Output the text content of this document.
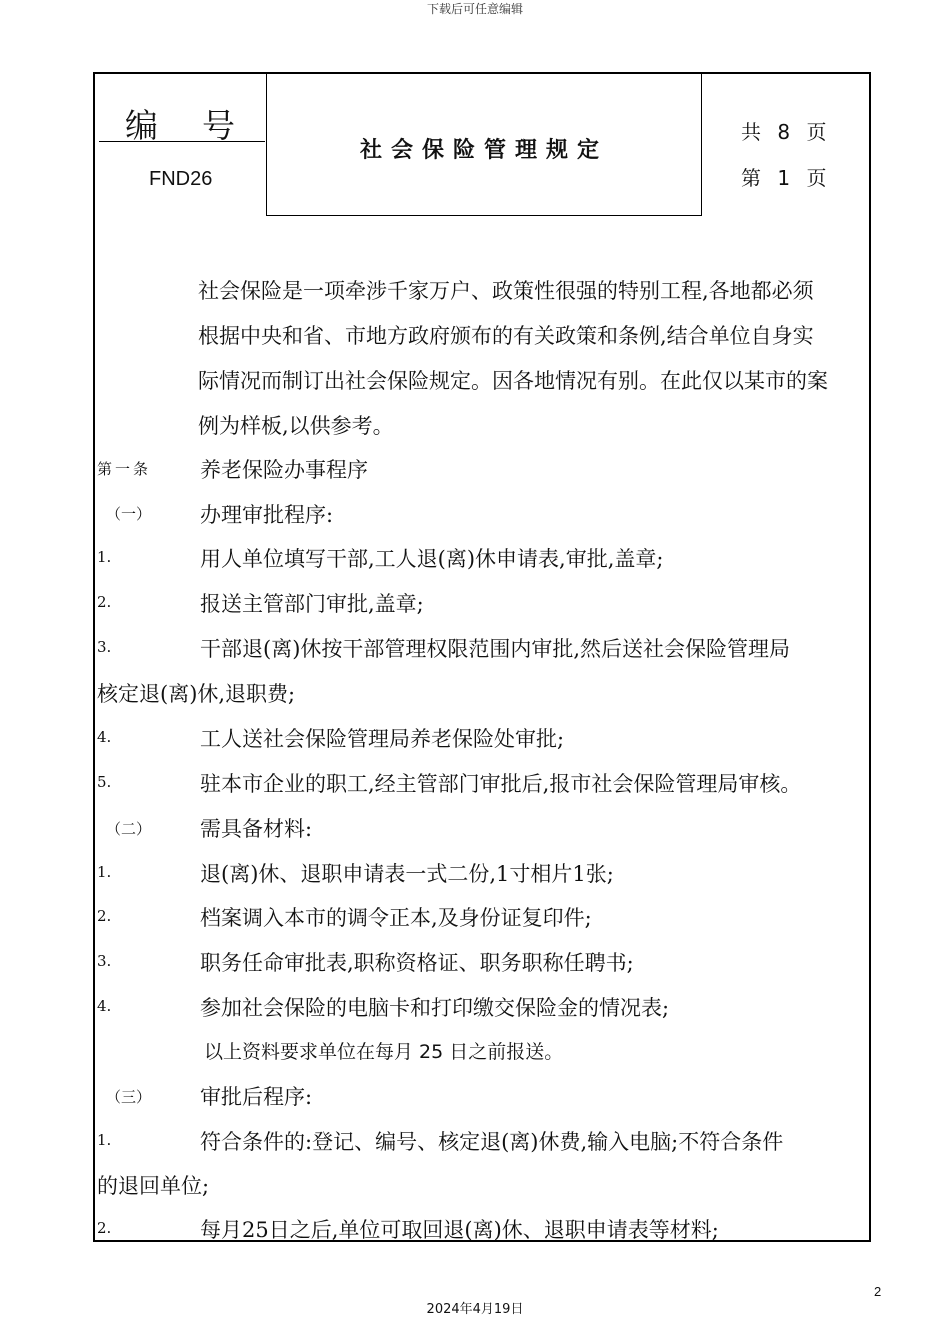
下载后可任意编辑
编号
FND26
社会保险管理规定
共 8 页
第 1 页
社会保险是一项牵涉千家万户、政策性很强的特别工程,各地都必须
根据中央和省、市地方政府颁布的有关政策和条例,结合单位自身实
际情况而制订出社会保险规定。因各地情况有别。在此仅以某市的案
例为样板,以供参考。
第一条 养老保险办事程序
（一） 办理审批程序:
1.	用人单位填写干部,工人退(离)休申请表,审批,盖章;
2.	报送主管部门审批,盖章;
3.	干部退(离)休按干部管理权限范围内审批,然后送社会保险管理局
核定退(离)休,退职费;
4.	工人送社会保险管理局养老保险处审批;
5.	驻本市企业的职工,经主管部门审批后,报市社会保险管理局审核。
（二） 需具备材料:
1.	退(离)休、退职申请表一式二份,1寸相片1张;
2.	档案调入本市的调令正本,及身份证复印件;
3.	职务任命审批表,职称资格证、职务职称任聘书;
4.	参加社会保险的电脑卡和打印缴交保险金的情况表;
以上资料要求单位在每月 25 日之前报送。
（三） 审批后程序:
1.	符合条件的:登记、编号、核定退(离)休费,输入电脑;不符合条件
的退回单位;
2.	每月25日之后,单位可取回退(离)休、退职申请表等材料;
2
2024年4月19日
